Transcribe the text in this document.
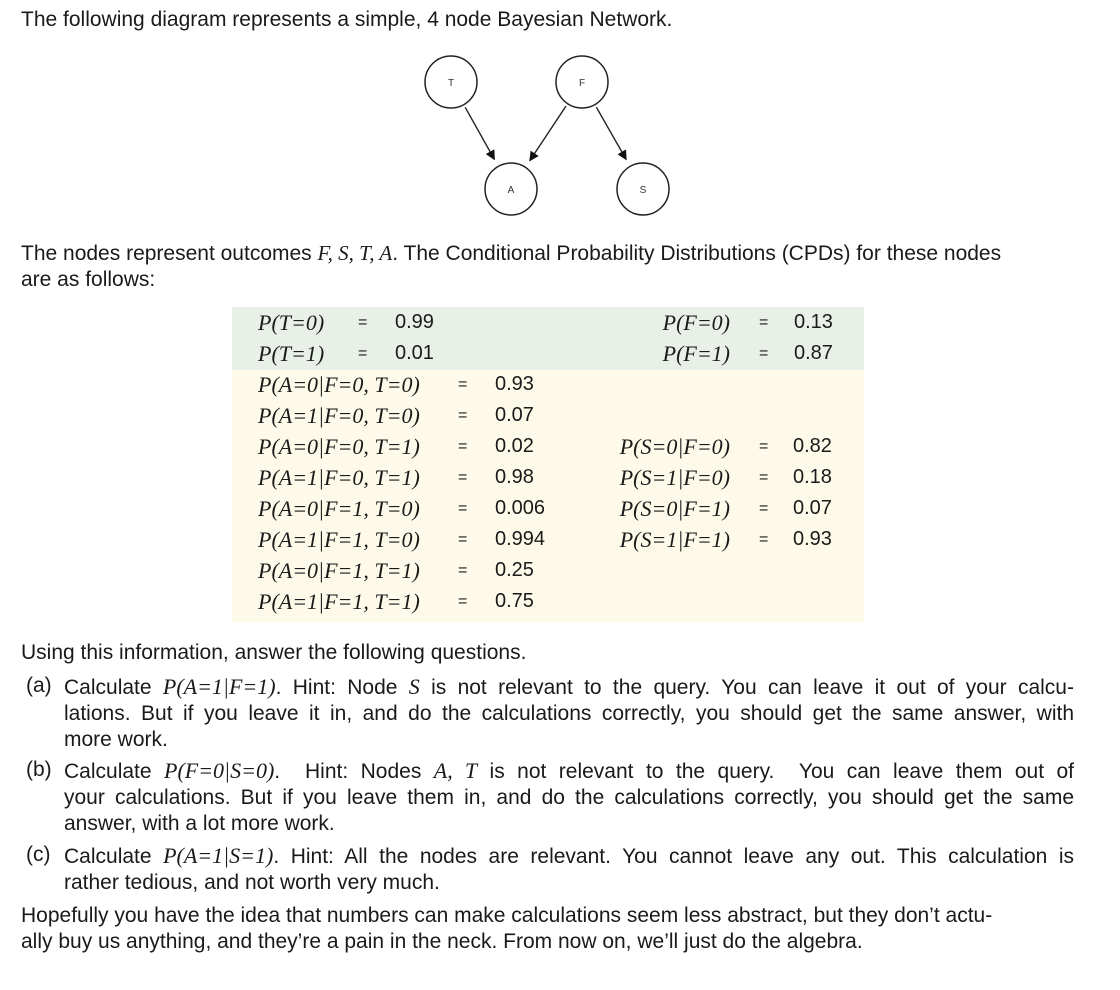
The following diagram represents a simple, 4 node Bayesian Network.

T	F
A	S

The nodes represent outcomes F, S, T, A. The Conditional Probability Distributions (CPDs) for these nodes
are as follows:

P(T=0) = 0.99
P(T=1) = 0.01
P(A=0|F=0, T=0) = 0.93
P(A=1|F=0, T=0) = 0.07
P(A=0|F=0, T=1) = 0.02
P(A=1|F=0, T=1) = 0.98
P(A=0|F=1, T=0) = 0.006
P(A=1|F=1, T=0) = 0.994
P(A=0|F=1, T=1) = 0.25
P(A=1|F=1, T=1) = 0.75
P(F=0) = 0.13
P(F=1) = 0.87
P(S=0|F=0) = 0.82
P(S=1|F=0) = 0.18
P(S=0|F=1) = 0.07
P(S=1|F=1) = 0.93

Using this information, answer the following questions.

(a) Calculate P(A=1|F=1). Hint: Node S is not relevant to the query. You can leave it out of your calcu-
lations. But if you leave it in, and do the calculations correctly, you should get the same answer, with
more work.
(b) Calculate P(F=0|S=0).  Hint: Nodes A, T is not relevant to the query.  You can leave them out of
your calculations. But if you leave them in, and do the calculations correctly, you should get the same
answer, with a lot more work.
(c) Calculate P(A=1|S=1). Hint: All the nodes are relevant. You cannot leave any out. This calculation is
rather tedious, and not worth very much.

Hopefully you have the idea that numbers can make calculations seem less abstract, but they don’t actu-
ally buy us anything, and they’re a pain in the neck. From now on, we’ll just do the algebra.
